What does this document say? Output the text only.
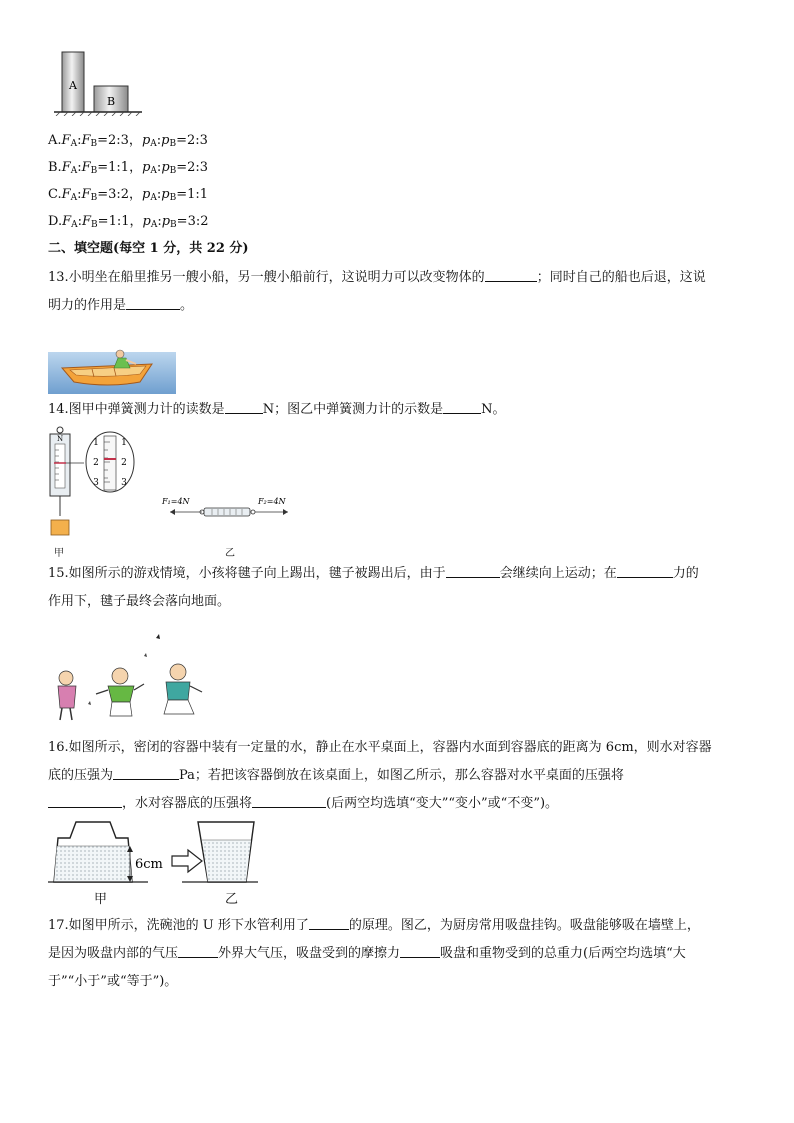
A
B
$A.F_A:F_B=2:3$，$p_A:p_B=2:3$
$B.F_A:F_B=1:1$，$p_A:p_B=2:3$
$C.F_A:F_B=3:2$，$p_A:p_B=1:1$
$D.F_A:F_B=1:1$，$p_A:p_B=3:2$
二、填空题(每空 1 分，共 22 分)
13.小明坐在船里推另一艘小船，另一艘小船前行，这说明力可以改变物体的	；同时自己的船也后退，这说
明力的作用是	。
14.图甲中弹簧测力计的读数是	N；图乙中弹簧测力计的示数是	N。
N	1
2
3
1
2
3
F₁=4N	F₂=4N
甲	乙
15.如图所示的游戏情境，小孩将毽子向上踢出，毽子被踢出后，由于	会继续向上运动；在	力的
作用下，毽子最终会落向地面。
16.如图所示，密闭的容器中装有一定量的水，静止在水平桌面上，容器内水面到容器底的距离为 6cm，则水对容器
底的压强为	Pa；若把该容器倒放在该桌面上，如图乙所示，那么容器对水平桌面的压强将
，水对容器底的压强将	(后两空均选填“变大”“变小”或“不变”)。
6cm
甲	乙
17.如图甲所示，洗碗池的 U 形下水管利用了	的原理。图乙，为厨房常用吸盘挂钩。吸盘能够吸在墙壁上，
是因为吸盘内部的气压	外界大气压，吸盘受到的摩擦力	吸盘和重物受到的总重力(后两空均选填“大
于”“小于”或“等于”)。
